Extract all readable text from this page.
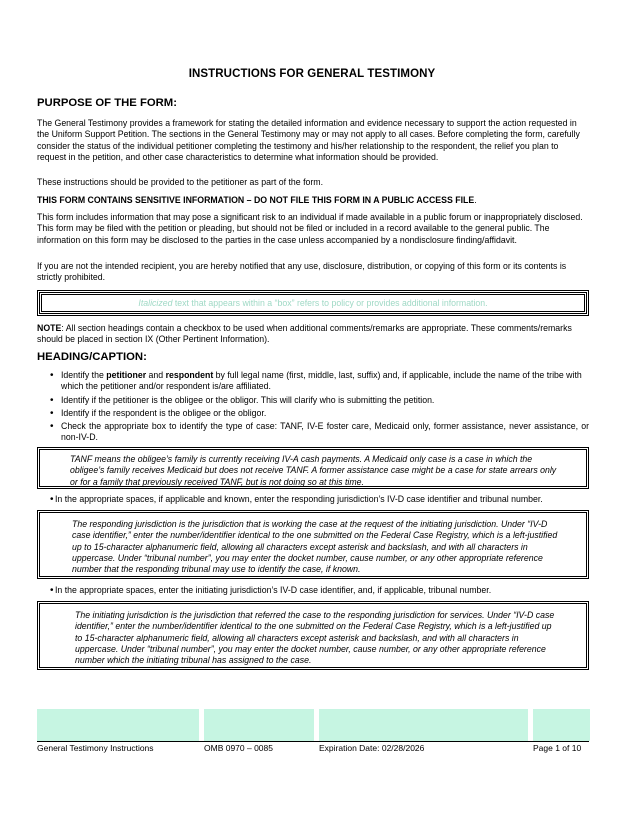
INSTRUCTIONS FOR GENERAL TESTIMONY
PURPOSE OF THE FORM:

The General Testimony provides a framework for stating the detailed information and evidence necessary to support the action requested in the Uniform Support Petition. The sections in the General Testimony may or may not apply to all cases. Before completing the form, carefully consider the status of the individual petitioner completing the testimony and his/her relationship to the respondent, the relief you plan to request in the petition, and other case characteristics to determine what information should be provided.

These instructions should be provided to the petitioner as part of the form.

THIS FORM CONTAINS SENSITIVE INFORMATION – DO NOT FILE THIS FORM IN A PUBLIC ACCESS FILE.

This form includes information that may pose a significant risk to an individual if made available in a public forum or inappropriately disclosed. This form may be filed with the petition or pleading, but should not be filed or included in a record available to the general public. The information on this form may be disclosed to the parties in the case unless accompanied by a nondisclosure finding/affidavit.

If you are not the intended recipient, you are hereby notified that any use, disclosure, distribution, or copying of this form or its contents is strictly prohibited.

Italicized text that appears within a “box” refers to policy or provides additional information.

NOTE: All section headings contain a checkbox to be used when additional comments/remarks are appropriate. These comments/remarks should be placed in section IX (Other Pertinent Information).

HEADING/CAPTION:
• Identify the petitioner and respondent by full legal name (first, middle, last, suffix) and, if applicable, include the name of the tribe with which the petitioner and/or respondent is/are affiliated.
• Identify if the petitioner is the obligee or the obligor. This will clarify who is submitting the petition.
• Identify if the respondent is the obligee or the obligor.
• Check the appropriate box to identify the type of case: TANF, IV-E foster care, Medicaid only, former assistance, never assistance, or non-IV-D.
TANF means the obligee’s family is currently receiving IV-A cash payments. A Medicaid only case is a case in which the obligee’s family receives Medicaid but does not receive TANF. A former assistance case might be a case for state arrears only or for a family that previously received TANF, but is not doing so at this time.
• In the appropriate spaces, if applicable and known, enter the responding jurisdiction’s IV-D case identifier and tribunal number.
The responding jurisdiction is the jurisdiction that is working the case at the request of the initiating jurisdiction. Under “IV-D case identifier,” enter the number/identifier identical to the one submitted on the Federal Case Registry, which is a left-justified up to 15-character alphanumeric field, allowing all characters except asterisk and backslash, and with all characters in uppercase. Under “tribunal number”, you may enter the docket number, cause number, or any other appropriate reference number that the responding tribunal may use to identify the case, if known.
• In the appropriate spaces, enter the initiating jurisdiction’s IV-D case identifier, and, if applicable, tribunal number.
The initiating jurisdiction is the jurisdiction that referred the case to the responding jurisdiction for services. Under “IV-D case identifier,” enter the number/identifier identical to the one submitted on the Federal Case Registry, which is a left-justified up to 15-character alphanumeric field, allowing all characters except asterisk and backslash, and with all characters in uppercase. Under “tribunal number”, you may enter the docket number, cause number, or any other appropriate reference number which the initiating tribunal has assigned to the case.
General Testimony Instructions	OMB 0970 – 0085	Expiration Date: 02/28/2026	Page 1 of 10
